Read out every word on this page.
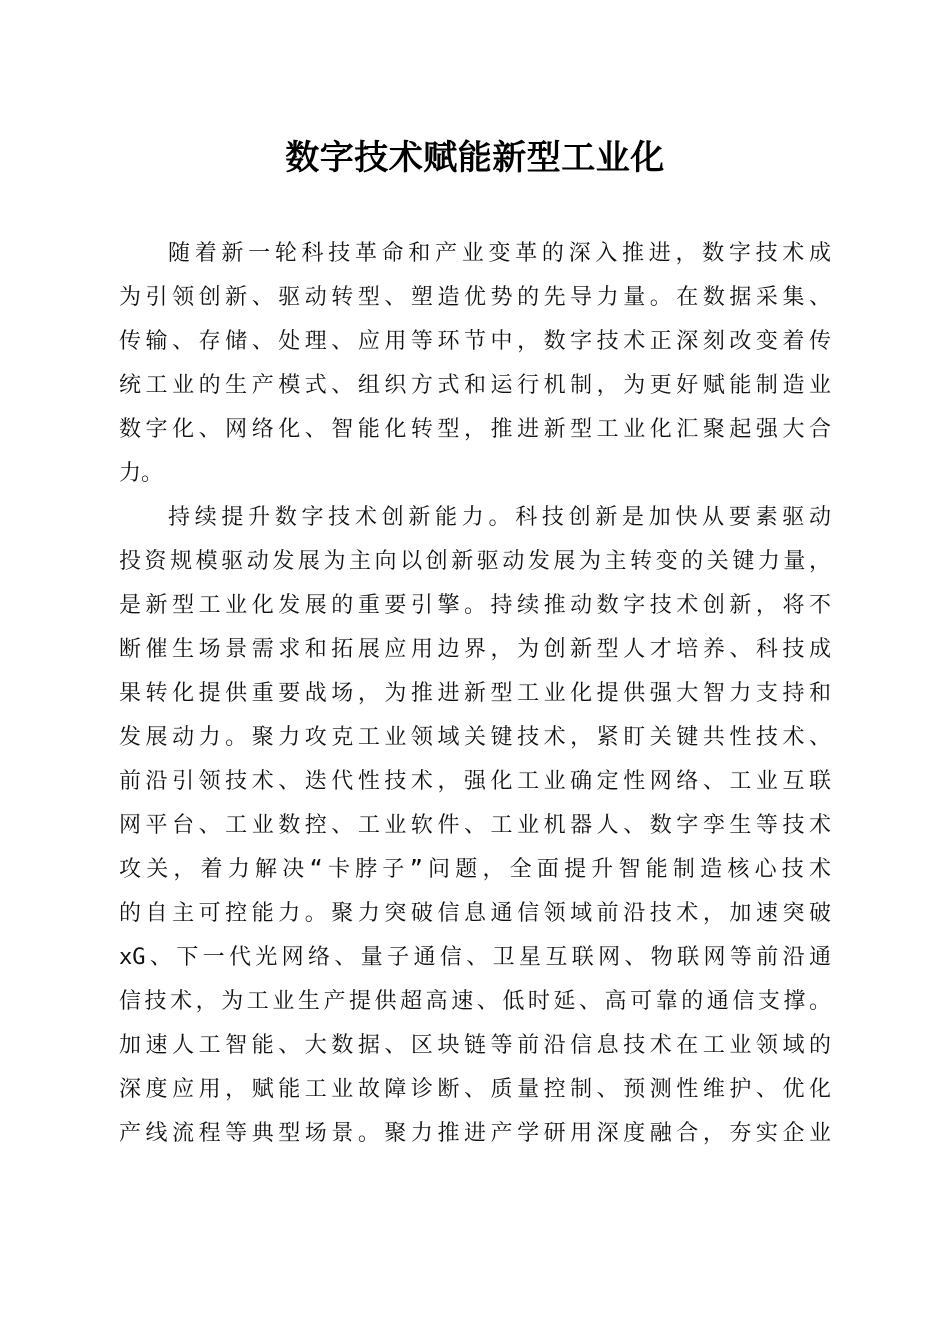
数字技术赋能新型工业化
随着新一轮科技革命和产业变革的深入推进，数字技术成
为引领创新、驱动转型、塑造优势的先导力量。在数据采集、
传输、存储、处理、应用等环节中，数字技术正深刻改变着传
统工业的生产模式、组织方式和运行机制，为更好赋能制造业
数字化、网络化、智能化转型，推进新型工业化汇聚起强大合
力。
持续提升数字技术创新能力。科技创新是加快从要素驱动
投资规模驱动发展为主向以创新驱动发展为主转变的关键力量，
是新型工业化发展的重要引擎。持续推动数字技术创新，将不
断催生场景需求和拓展应用边界，为创新型人才培养、科技成
果转化提供重要战场，为推进新型工业化提供强大智力支持和
发展动力。聚力攻克工业领域关键技术，紧盯关键共性技术、
前沿引领技术、迭代性技术，强化工业确定性网络、工业互联
网平台、工业数控、工业软件、工业机器人、数字孪生等技术
攻关，着力解决“卡脖子”问题，全面提升智能制造核心技术
的自主可控能力。聚力突破信息通信领域前沿技术，加速突破
xG、下一代光网络、量子通信、卫星互联网、物联网等前沿通
信技术，为工业生产提供超高速、低时延、高可靠的通信支撑。
加速人工智能、大数据、区块链等前沿信息技术在工业领域的
深度应用，赋能工业故障诊断、质量控制、预测性维护、优化
产线流程等典型场景。聚力推进产学研用深度融合，夯实企业
